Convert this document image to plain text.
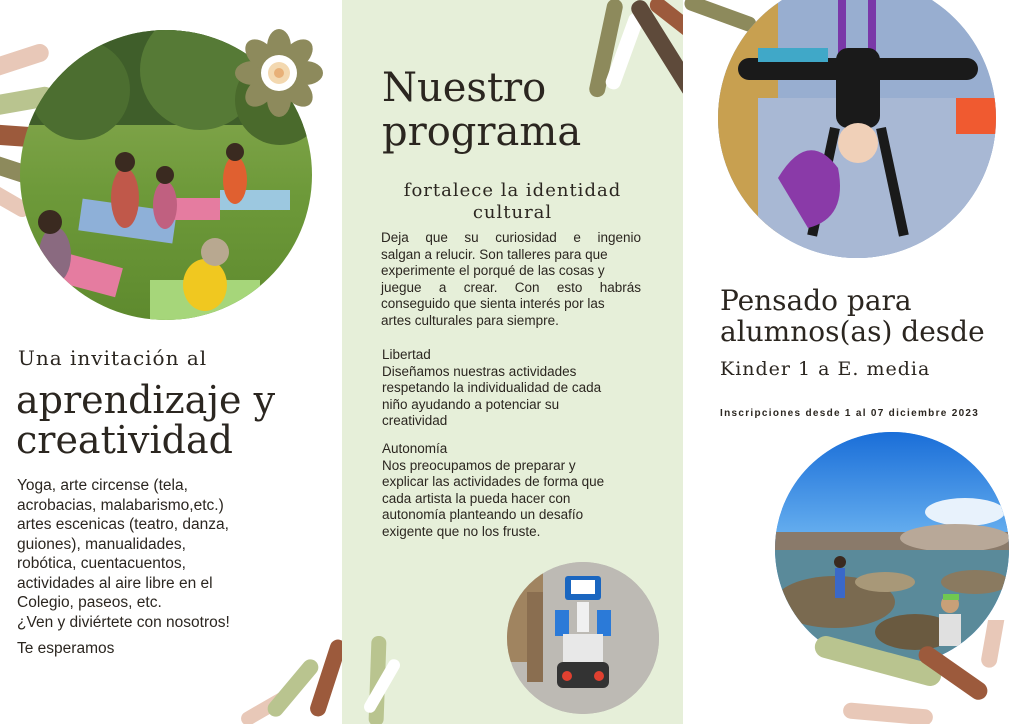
Una invitación al

aprendizaje y

creatividad

Yoga, arte circense (tela,
acrobacias, malabarismo,etc.)
artes escenicas (teatro, danza,
guiones), manualidades,
robótica, cuentacuentos,
actividades al aire libre en el
Colegio, paseos, etc.
¿Ven y diviértete con nosotros!

Te esperamos

Nuestro

programa

fortalece la identidad

cultural

Deja que su curiosidad e ingenio
salgan a relucir. Son talleres para que
experimente el porqué de las cosas y
juegue a crear. Con esto habrás
conseguido que sienta interés por las
artes culturales para siempre.
Libertad
Diseñamos nuestras actividades
respetando la individualidad de cada
niño ayudando a potenciar su
creatividad
Autonomía
Nos preocupamos de preparar y
explicar las actividades de forma que
cada artista la pueda hacer con
autonomía planteando un desafío
exigente que no los fruste.

Pensado para

alumnos(as) desde

Kinder 1 a E. media

Inscripciones desde 1 al 07 diciembre 2023
